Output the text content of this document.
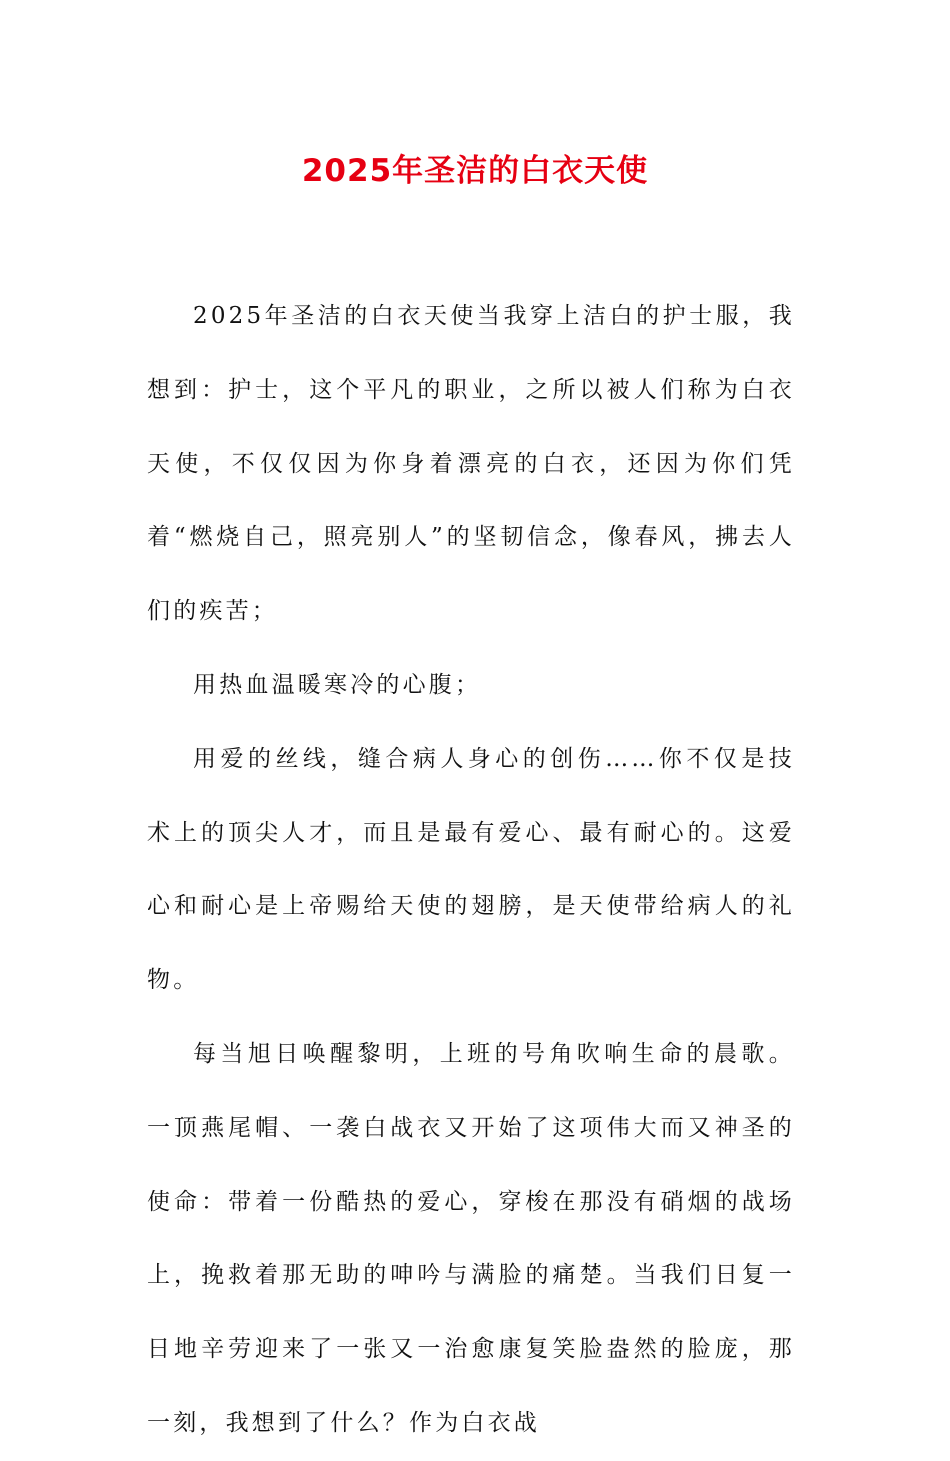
2025年圣洁的白衣天使

2025年圣洁的白衣天使当我穿上洁白的护士服，我想到：护士，这个平凡的职业，之所以被人们称为白衣天使，不仅仅因为你身着漂亮的白衣，还因为你们凭着“燃烧自己，照亮别人”的坚韧信念，像春风，拂去人们的疾苦；

用热血温暖寒冷的心腹；

用爱的丝线，缝合病人身心的创伤……你不仅是技术上的顶尖人才，而且是最有爱心、最有耐心的。这爱心和耐心是上帝赐给天使的翅膀，是天使带给病人的礼物。

每当旭日唤醒黎明，上班的号角吹响生命的晨歌。一顶燕尾帽、一袭白战衣又开始了这项伟大而又神圣的使命：带着一份酷热的爱心，穿梭在那没有硝烟的战场上，挽救着那无助的呻吟与满脸的痛楚。当我们日复一日地辛劳迎来了一张又一治愈康复笑脸盎然的脸庞，那一刻，我想到了什么？作为白衣战
